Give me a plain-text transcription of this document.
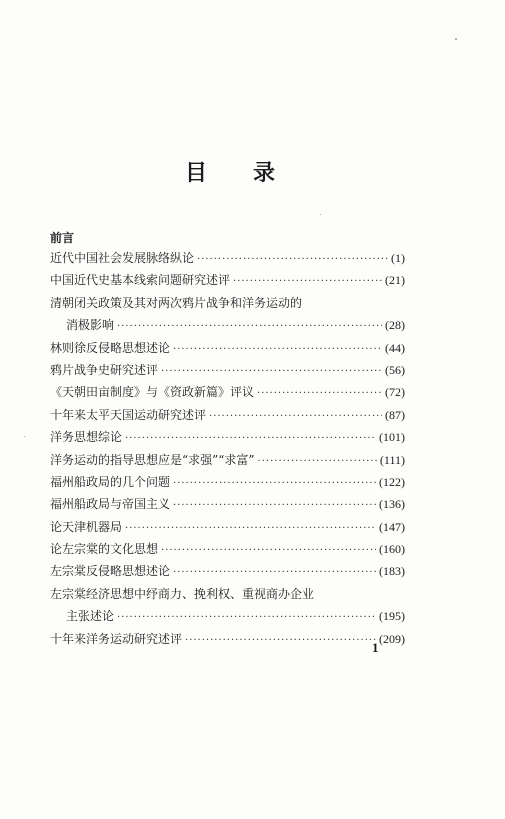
目 录
前言
近代中国社会发展脉络纵论 ·····	(1)
中国近代史基本线索问题研究述评 ·····	(21)
清朝闭关政策及其对两次鸦片战争和洋务运动的
消极影响 ·····	(28)
林则徐反侵略思想述论 ·····	(44)
鸦片战争史研究述评 ·····	(56)
《天朝田亩制度》与《资政新篇》评议 ·····	(72)
十年来太平天国运动研究述评 ·····	(87)
洋务思想综论 ·····	(101)
洋务运动的指导思想应是“求强”“求富” ·····	(111)
福州船政局的几个问题 ·····	(122)
福州船政局与帝国主义 ·····	(136)
论天津机器局 ·····	(147)
论左宗棠的文化思想 ·····	(160)
左宗棠反侵略思想述论 ·····	(183)
左宗棠经济思想中纾商力、挽利权、重视商办企业
主张述论 ·····	(195)
十年来洋务运动研究述评 ·····	(209)
1
